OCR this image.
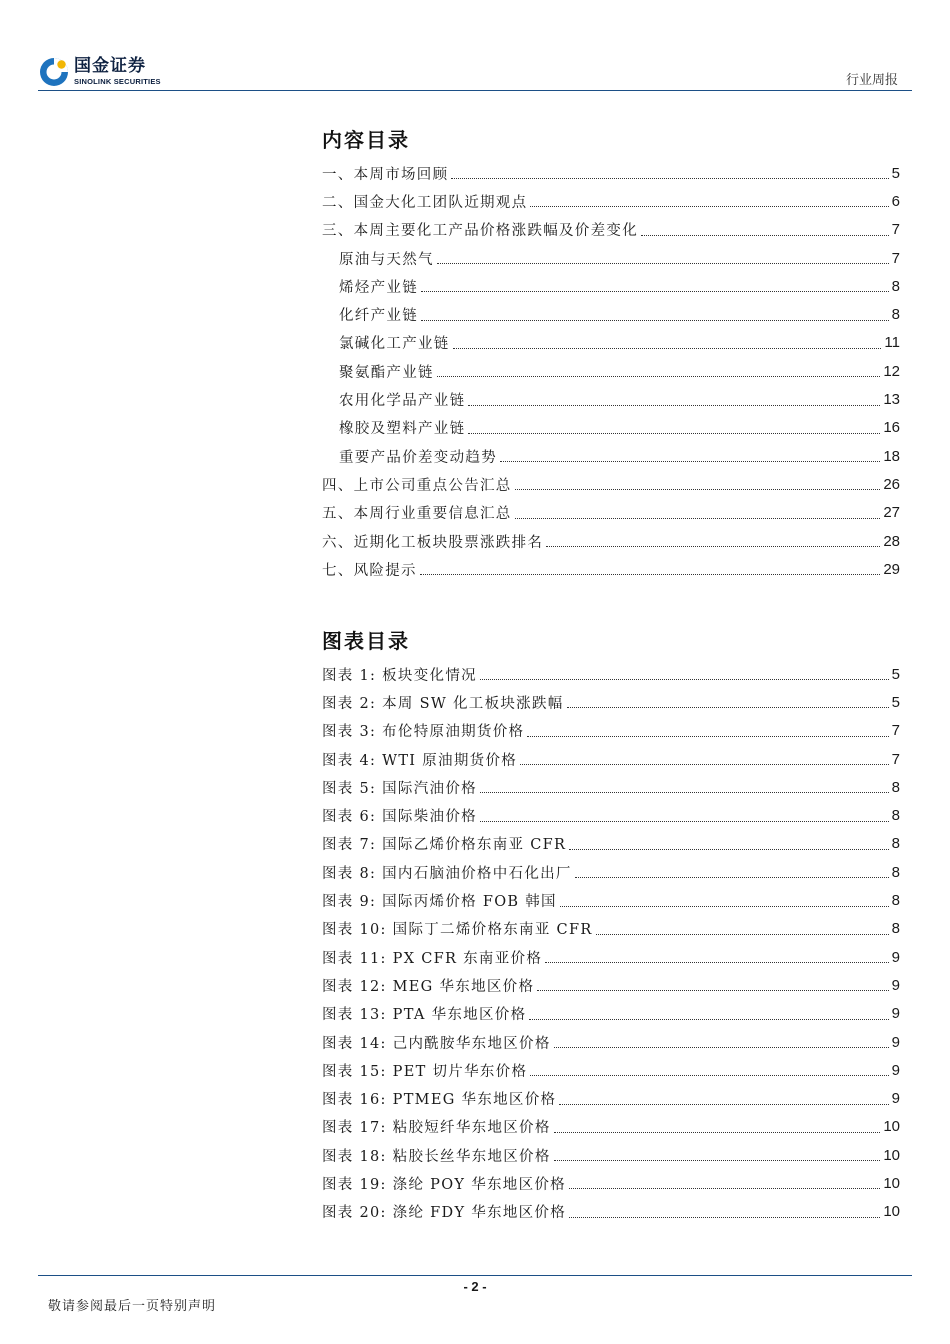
国金证券
SINOLINK SECURITIES	行业周报
内容目录
一、本周市场回顾	5
二、国金大化工团队近期观点	6
三、本周主要化工产品价格涨跌幅及价差变化	7
原油与天然气	7
烯烃产业链	8
化纤产业链	8
氯碱化工产业链	11
聚氨酯产业链	12
农用化学品产业链	13
橡胶及塑料产业链	16
重要产品价差变动趋势	18
四、上市公司重点公告汇总	26
五、本周行业重要信息汇总	27
六、近期化工板块股票涨跌排名	28
七、风险提示	29
图表目录
图表 1: 板块变化情况	5
图表 2: 本周 SW 化工板块涨跌幅	5
图表 3: 布伦特原油期货价格	7
图表 4: WTI 原油期货价格	7
图表 5: 国际汽油价格	8
图表 6: 国际柴油价格	8
图表 7: 国际乙烯价格东南亚 CFR	8
图表 8: 国内石脑油价格中石化出厂	8
图表 9: 国际丙烯价格 FOB 韩国	8
图表 10: 国际丁二烯价格东南亚 CFR	8
图表 11: PX CFR 东南亚价格	9
图表 12: MEG 华东地区价格	9
图表 13: PTA 华东地区价格	9
图表 14: 己内酰胺华东地区价格	9
图表 15: PET 切片华东价格	9
图表 16: PTMEG 华东地区价格	9
图表 17: 粘胶短纤华东地区价格	10
图表 18: 粘胶长丝华东地区价格	10
图表 19: 涤纶 POY 华东地区价格	10
图表 20: 涤纶 FDY 华东地区价格	10
- 2 -
敬请参阅最后一页特别声明
